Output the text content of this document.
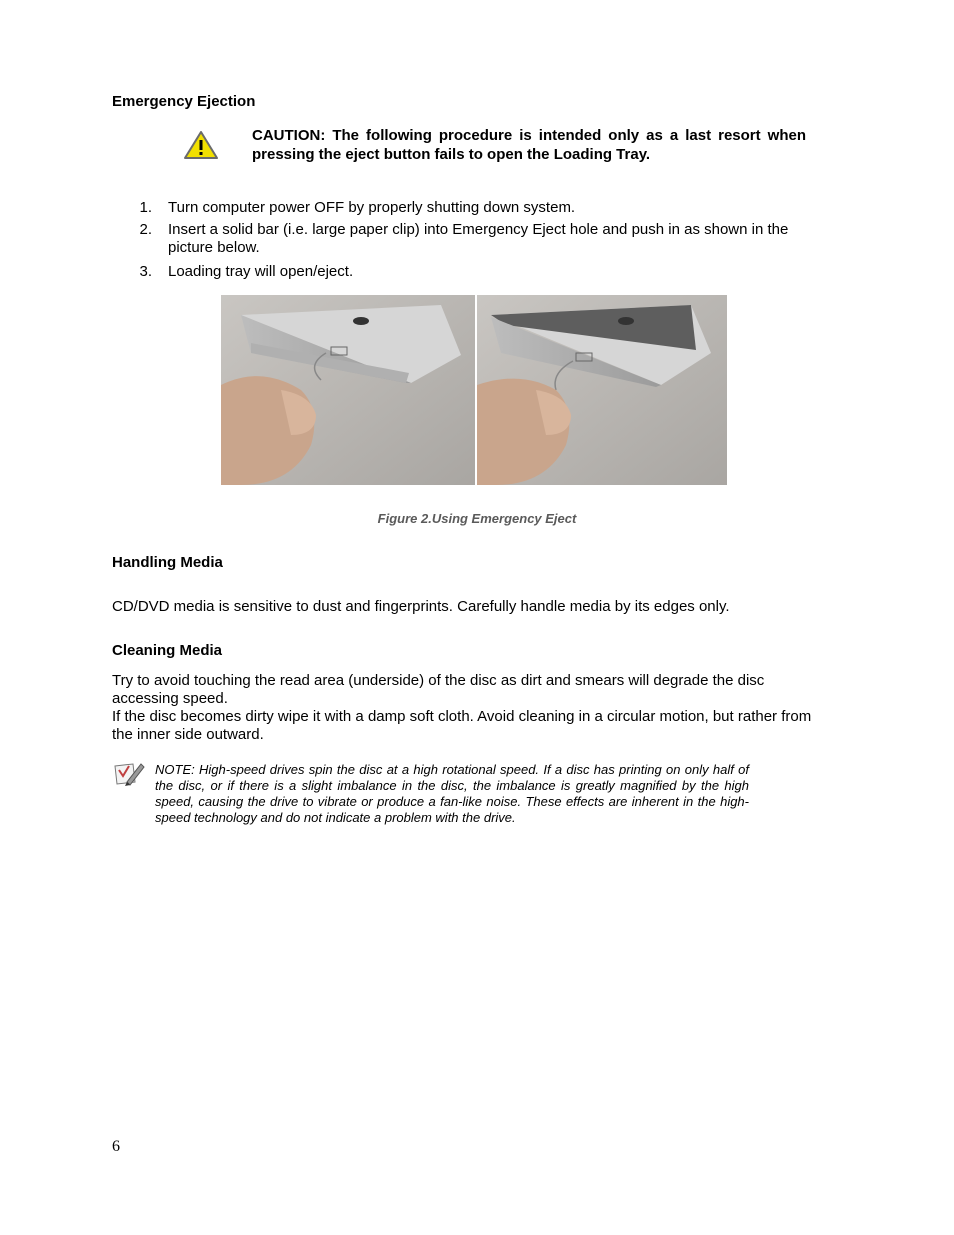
Emergency Ejection
CAUTION: The following procedure is intended only as a last resort when pressing the eject button fails to open the Loading Tray.
1. Turn computer power OFF by properly shutting down system.
2. Insert a solid bar (i.e. large paper clip) into Emergency Eject hole and push in as shown in the picture below.
3. Loading tray will open/eject.
Figure 2.Using Emergency Eject
Handling Media
CD/DVD media is sensitive to dust and fingerprints. Carefully handle media by its edges only.
Cleaning Media
Try to avoid touching the read area (underside) of the disc as dirt and smears will degrade the disc accessing speed.
If the disc becomes dirty wipe it with a damp soft cloth. Avoid cleaning in a circular motion, but rather from the inner side outward.
NOTE: High-speed drives spin the disc at a high rotational speed. If a disc has printing on only half of the disc, or if there is a slight imbalance in the disc, the imbalance is greatly magnified by the high speed, causing the drive to vibrate or produce a fan-like noise. These effects are inherent in the high-speed technology and do not indicate a problem with the drive.
6
